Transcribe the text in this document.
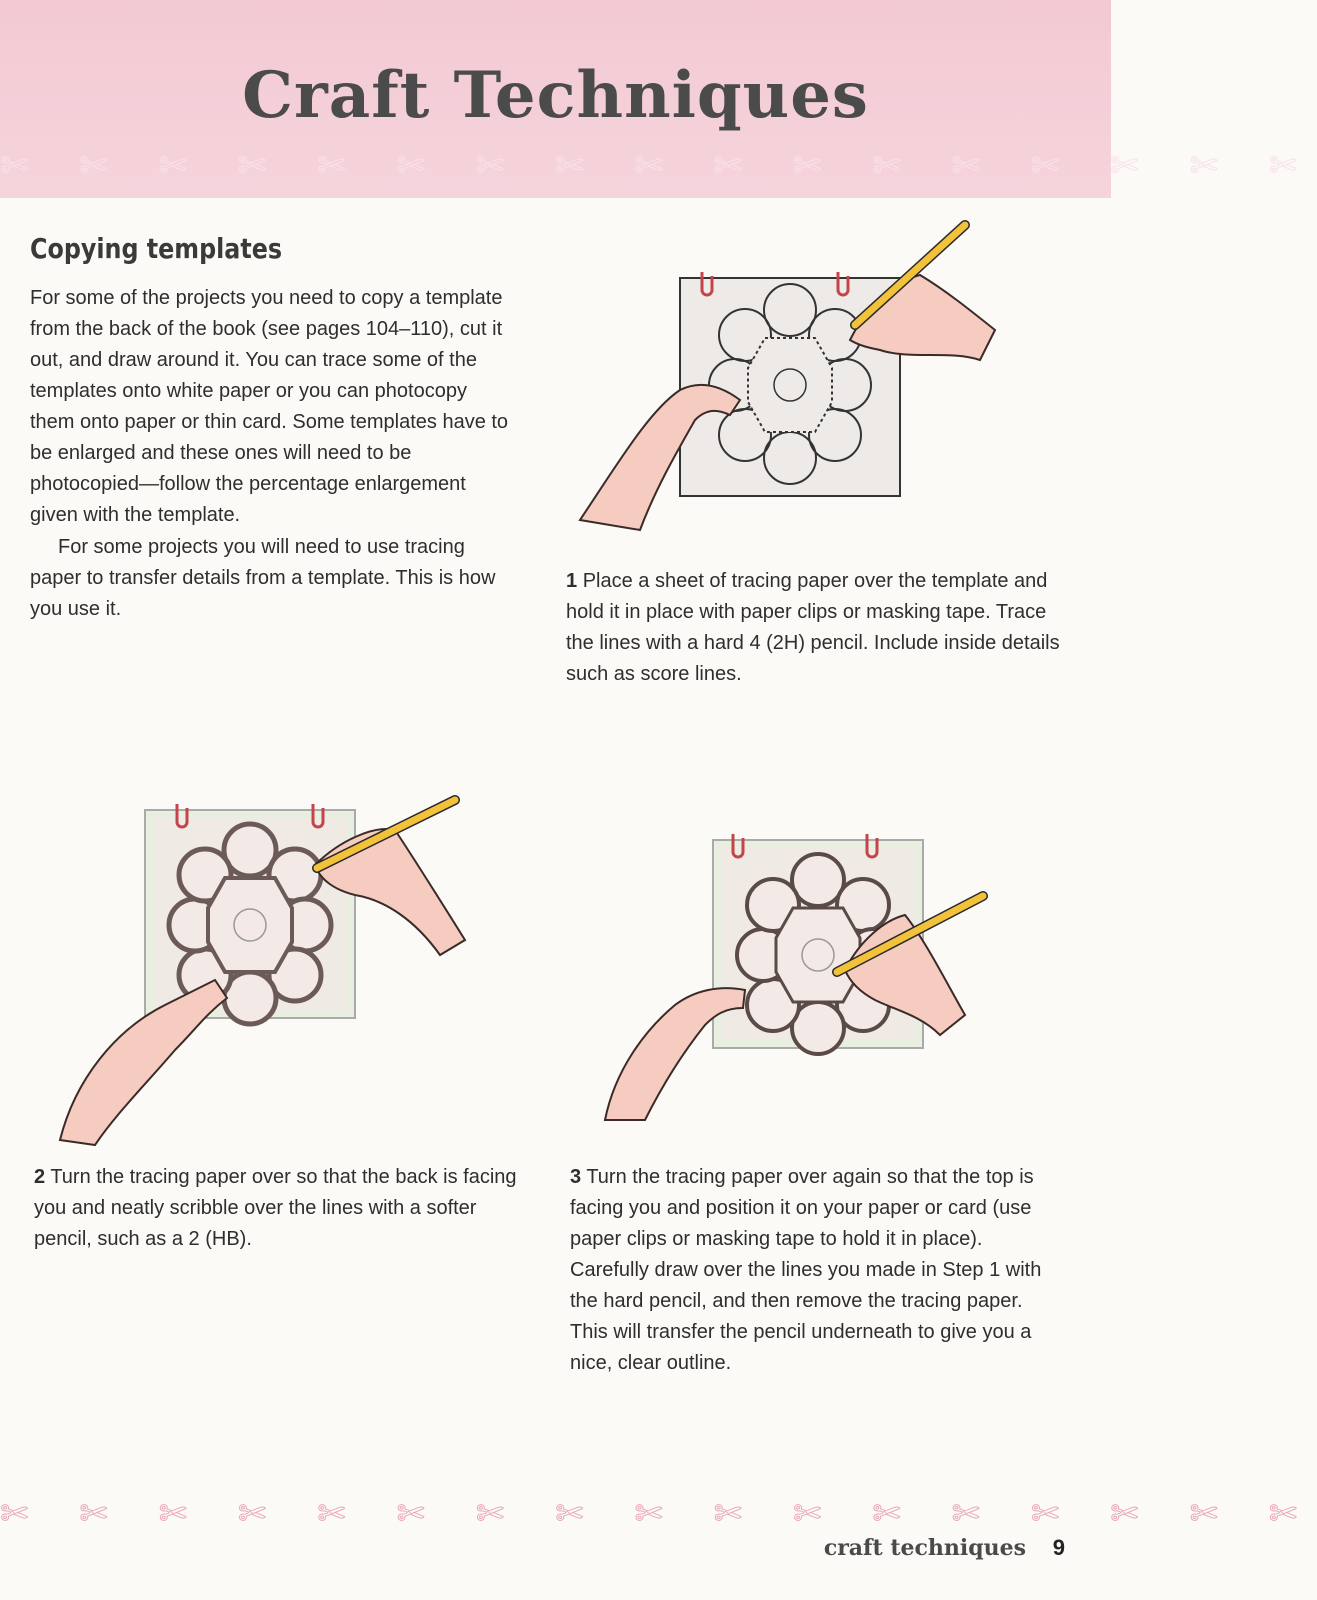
Craft Techniques
✄ ✄ ✄ ✄ ✄ ✄ ✄ ✄ ✄ ✄ ✄ ✄ ✄ ✄ ✄ ✄ ✄
Copying templates

For some of the projects you need to copy a template from the back of the book (see pages 104–110), cut it out, and draw around it. You can trace some of the templates onto white paper or you can photocopy them onto paper or thin card. Some templates have to be enlarged and these ones will need to be photocopied—follow the percentage enlargement given with the template.

For some projects you will need to use tracing paper to transfer details from a template. This is how you use it.

1 Place a sheet of tracing paper over the template and hold it in place with paper clips or masking tape. Trace the lines with a hard 4 (2H) pencil. Include inside details such as score lines.

2 Turn the tracing paper over so that the back is facing you and neatly scribble over the lines with a softer pencil, such as a 2 (HB).

3 Turn the tracing paper over again so that the top is facing you and position it on your paper or card (use paper clips or masking tape to hold it in place). Carefully draw over the lines you made in Step 1 with the hard pencil, and then remove the tracing paper. This will transfer the pencil underneath to give you a nice, clear outline.

✄ ✄ ✄ ✄ ✄ ✄ ✄ ✄ ✄ ✄ ✄ ✄ ✄ ✄ ✄ ✄ ✄
craft techniques	9
